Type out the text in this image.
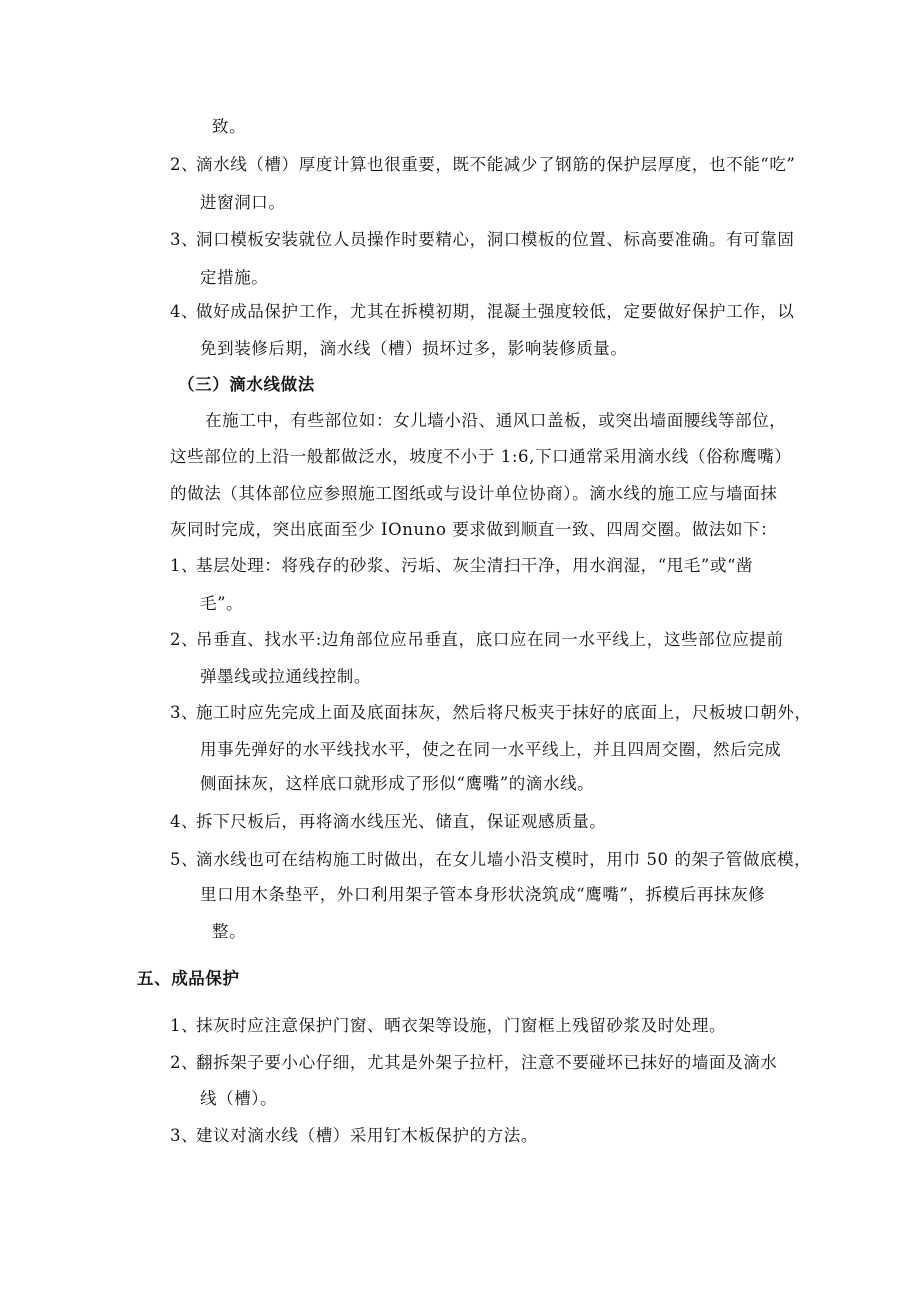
致。
2、
滴水线（槽）厚度计算也很重要，既不能减少了钢筋的保护层厚度，也不能“吃”
进窗洞口。
3、
洞口模板安装就位人员操作时要精心，洞口模板的位置、标高要准确。有可靠固
定措施。
4、
做好成品保护工作，尤其在拆模初期，混凝土强度较低，定要做好保护工作，以
免到装修后期，滴水线（槽）损坏过多，影响装修质量。
（三）滴水线做法
在施工中，有些部位如：女儿墙小沿、通风口盖板，或突出墙面腰线等部位，
这些部位的上沿一般都做泛水，坡度不小于 1:6,下口通常采用滴水线（俗称鹰嘴）
的做法（其体部位应参照施工图纸或与设计单位协商）。滴水线的施工应与墙面抹
灰同时完成，突出底面至少 IOnuno 要求做到顺直一致、四周交圈。做法如下：
1、
基层处理：将残存的砂浆、污垢、灰尘清扫干净，用水润湿，“甩毛”或“凿
毛”。
2、
吊垂直、找水平:边角部位应吊垂直，底口应在同一水平线上，这些部位应提前
弹墨线或拉通线控制。
3、
施工时应先完成上面及底面抹灰，然后将尺板夹于抹好的底面上，尺板坡口朝外，
用事先弹好的水平线找水平，使之在同一水平线上，并且四周交圈，然后完成
侧面抹灰，这样底口就形成了形似“鹰嘴”的滴水线。
4、
拆下尺板后，再将滴水线压光、储直，保证观感质量。
5、
滴水线也可在结构施工时做出，在女儿墙小沿支模时，用巾 50 的架子管做底模，
里口用木条垫平，外口利用架子管本身形状浇筑成“鹰嘴”，拆模后再抹灰修
整。
五、成品保护
1、
抹灰时应注意保护门窗、晒衣架等设施，门窗框上残留砂浆及时处理。
2、
翻拆架子要小心仔细，尤其是外架子拉杆，注意不要碰坏已抹好的墙面及滴水
线（槽）。
3、
建议对滴水线（槽）采用钉木板保护的方法。
